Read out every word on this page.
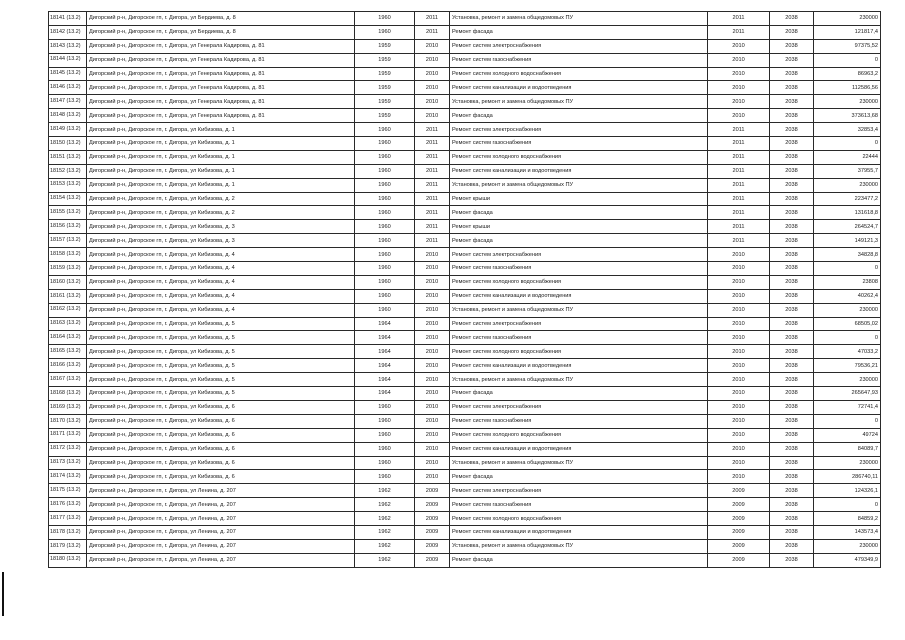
18141 (13.2)	Дигорский р-н, Дигорское гп, г. Дигора, ул Бердиева, д. 8	1960	2011	Установка, ремонт и замена общедомовых ПУ	2011	2038	230000
18142 (13.2)	Дигорский р-н, Дигорское гп, г. Дигора, ул Бердиева, д. 8	1960	2011	Ремонт фасада	2011	2038	121817,4
18143 (13.2)	Дигорский р-н, Дигорское гп, г. Дигора, ул Генерала Кадирова, д. 81	1959	2010	Ремонт систем электроснабжения	2010	2038	97375,52
18144 (13.2)	Дигорский р-н, Дигорское гп, г. Дигора, ул Генерала Кадирова, д. 81	1959	2010	Ремонт систем газоснабжения	2010	2038	0
18145 (13.2)	Дигорский р-н, Дигорское гп, г. Дигора, ул Генерала Кадирова, д. 81	1959	2010	Ремонт систем холодного водоснабжения	2010	2038	86963,2
18146 (13.2)	Дигорский р-н, Дигорское гп, г. Дигора, ул Генерала Кадирова, д. 81	1959	2010	Ремонт систем канализации и водоотведения	2010	2038	112586,56
18147 (13.2)	Дигорский р-н, Дигорское гп, г. Дигора, ул Генерала Кадирова, д. 81	1959	2010	Установка, ремонт и замена общедомовых ПУ	2010	2038	230000
18148 (13.2)	Дигорский р-н, Дигорское гп, г. Дигора, ул Генерала Кадирова, д. 81	1959	2010	Ремонт фасада	2010	2038	373613,68
18149 (13.2)	Дигорский р-н, Дигорское гп, г. Дигора, ул Кибизова, д. 1	1960	2011	Ремонт систем электроснабжения	2011	2038	32853,4
18150 (13.2)	Дигорский р-н, Дигорское гп, г. Дигора, ул Кибизова, д. 1	1960	2011	Ремонт систем газоснабжения	2011	2038	0
18151 (13.2)	Дигорский р-н, Дигорское гп, г. Дигора, ул Кибизова, д. 1	1960	2011	Ремонт систем холодного водоснабжения	2011	2038	22444
18152 (13.2)	Дигорский р-н, Дигорское гп, г. Дигора, ул Кибизова, д. 1	1960	2011	Ремонт систем канализации и водоотведения	2011	2038	37955,7
18153 (13.2)	Дигорский р-н, Дигорское гп, г. Дигора, ул Кибизова, д. 1	1960	2011	Установка, ремонт и замена общедомовых ПУ	2011	2038	230000
18154 (13.2)	Дигорский р-н, Дигорское гп, г. Дигора, ул Кибизова, д. 2	1960	2011	Ремонт крыши	2011	2038	223477,2
18155 (13.2)	Дигорский р-н, Дигорское гп, г. Дигора, ул Кибизова, д. 2	1960	2011	Ремонт фасада	2011	2038	131618,8
18156 (13.2)	Дигорский р-н, Дигорское гп, г. Дигора, ул Кибизова, д. 3	1960	2011	Ремонт крыши	2011	2038	264524,7
18157 (13.2)	Дигорский р-н, Дигорское гп, г. Дигора, ул Кибизова, д. 3	1960	2011	Ремонт фасада	2011	2038	149121,3
18158 (13.2)	Дигорский р-н, Дигорское гп, г. Дигора, ул Кибизова, д. 4	1960	2010	Ремонт систем электроснабжения	2010	2038	34828,8
18159 (13.2)	Дигорский р-н, Дигорское гп, г. Дигора, ул Кибизова, д. 4	1960	2010	Ремонт систем газоснабжения	2010	2038	0
18160 (13.2)	Дигорский р-н, Дигорское гп, г. Дигора, ул Кибизова, д. 4	1960	2010	Ремонт систем холодного водоснабжения	2010	2038	23808
18161 (13.2)	Дигорский р-н, Дигорское гп, г. Дигора, ул Кибизова, д. 4	1960	2010	Ремонт систем канализации и водоотведения	2010	2038	40262,4
18162 (13.2)	Дигорский р-н, Дигорское гп, г. Дигора, ул Кибизова, д. 4	1960	2010	Установка, ремонт и замена общедомовых ПУ	2010	2038	230000
18163 (13.2)	Дигорский р-н, Дигорское гп, г. Дигора, ул Кибизова, д. 5	1964	2010	Ремонт систем электроснабжения	2010	2038	68505,02
18164 (13.2)	Дигорский р-н, Дигорское гп, г. Дигора, ул Кибизова, д. 5	1964	2010	Ремонт систем газоснабжения	2010	2038	0
18165 (13.2)	Дигорский р-н, Дигорское гп, г. Дигора, ул Кибизова, д. 5	1964	2010	Ремонт систем холодного водоснабжения	2010	2038	47033,2
18166 (13.2)	Дигорский р-н, Дигорское гп, г. Дигора, ул Кибизова, д. 5	1964	2010	Ремонт систем канализации и водоотведения	2010	2038	79536,21
18167 (13.2)	Дигорский р-н, Дигорское гп, г. Дигора, ул Кибизова, д. 5	1964	2010	Установка, ремонт и замена общедомовых ПУ	2010	2038	230000
18168 (13.2)	Дигорский р-н, Дигорское гп, г. Дигора, ул Кибизова, д. 5	1964	2010	Ремонт фасада	2010	2038	265647,93
18169 (13.2)	Дигорский р-н, Дигорское гп, г. Дигора, ул Кибизова, д. 6	1960	2010	Ремонт систем электроснабжения	2010	2038	72741,4
18170 (13.2)	Дигорский р-н, Дигорское гп, г. Дигора, ул Кибизова, д. 6	1960	2010	Ремонт систем газоснабжения	2010	2038	0
18171 (13.2)	Дигорский р-н, Дигорское гп, г. Дигора, ул Кибизова, д. 6	1960	2010	Ремонт систем холодного водоснабжения	2010	2038	49724
18172 (13.2)	Дигорский р-н, Дигорское гп, г. Дигора, ул Кибизова, д. 6	1960	2010	Ремонт систем канализации и водоотведения	2010	2038	84089,7
18173 (13.2)	Дигорский р-н, Дигорское гп, г. Дигора, ул Кибизова, д. 6	1960	2010	Установка, ремонт и замена общедомовых ПУ	2010	2038	230000
18174 (13.2)	Дигорский р-н, Дигорское гп, г. Дигора, ул Кибизова, д. 6	1960	2010	Ремонт фасада	2010	2038	286740,11
18175 (13.2)	Дигорский р-н, Дигорское гп, г. Дигора, ул Ленина, д. 207	1962	2009	Ремонт систем электроснабжения	2009	2038	124326,1
18176 (13.2)	Дигорский р-н, Дигорское гп, г. Дигора, ул Ленина, д. 207	1962	2009	Ремонт систем газоснабжения	2009	2038	0
18177 (13.2)	Дигорский р-н, Дигорское гп, г. Дигора, ул Ленина, д. 207	1962	2009	Ремонт систем холодного водоснабжения	2009	2038	84859,2
18178 (13.2)	Дигорский р-н, Дигорское гп, г. Дигора, ул Ленина, д. 207	1962	2009	Ремонт систем канализации и водоотведения	2009	2038	143573,4
18179 (13.2)	Дигорский р-н, Дигорское гп, г. Дигора, ул Ленина, д. 207	1962	2009	Установка, ремонт и замена общедомовых ПУ	2009	2038	230000
18180 (13.2)	Дигорский р-н, Дигорское гп, г. Дигора, ул Ленина, д. 207	1962	2009	Ремонт фасада	2009	2038	479349,9
